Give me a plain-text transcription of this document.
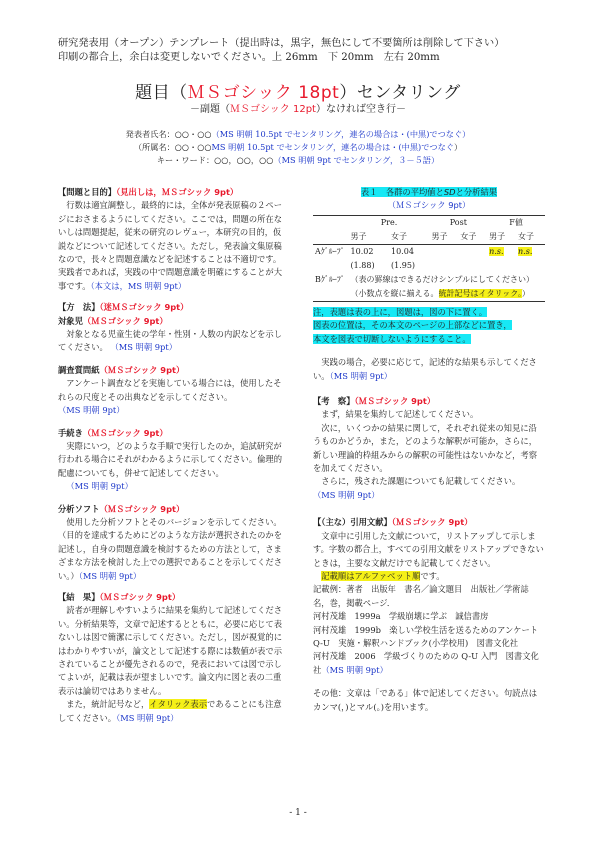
研究発表用（オープン）テンプレート（提出時は，黒字，無色にして不要箇所は削除して下さい）
印刷の都合上，余白は変更しないでください。上 26mm　下 20mm　左右 20mm
題目（ＭＳゴシック 18pt）センタリング
－副題（ＭＳゴシック 12pt）なければ空き行－
発表者氏名：○○・○○（MS 明朝 10.5pt でセンタリング，連名の場合は・(中黒)でつなぐ）
（所属名：○○・○○MS 明朝 10.5pt でセンタリング，連名の場合は・(中黒)でつなぐ）
キー・ワード：○○，○○，○○（MS 明朝 9pt でセンタリング，３－５語）

【問題と目的】（見出しは，ＭＳゴシック 9pt）

行数は適宜調整し，最終的には，全体が発表原稿の２ページにおさまるようにしてください。ここでは，問題の所在ないしは問題提起，従来の研究のレヴュー，本研究の目的，仮説などについて記述してください。ただし，発表論文集原稿なので，長々と問題意識などを記述することは不適切です。実践者であれば，実践の中で問題意識を明確にすることが大事です。（本文は，MS 明朝 9pt）

【方　法】（迷ＭＳゴシック 9pt）

対象児（ＭＳゴシック 9pt）

対象となる児童生徒の学年・性別・人数の内訳などを示してください。 （MS 明朝 9pt）

調査質問紙（ＭＳゴシック 9pt）

アンケート調査などを実施している場合には，使用したそれらの尺度とその出典などを示してください。

（MS 明朝 9pt）

手続き（ＭＳゴシック 9pt）

実際にいつ，どのような手順で実行したのか，追試研究が行われる場合にそれがわかるように示してください。倫理的配慮についても，併せて記述してください。

（MS 明朝 9pt）

分析ソフト（ＭＳゴシック 9pt）

使用した分析ソフトとそのバージョンを示してください。（目的を達成するためにどのような方法が選択されたのかを記述し，自身の問題意識を検討するための方法として，さまざまな方法を検討した上での選択であることを示してください。）（MS 明朝 9pt）

【結　果】（ＭＳゴシック 9pt）

読者が理解しやすいように結果を集約して記述してください。分析結果等，文章で記述するとともに，必要に応じて表ないしは図で簡潔に示してください。ただし，図が視覚的にはわかりやすいが，論文として記述する際には数値が表で示されていることが優先されるので，発表においては図で示してよいが，記載は表が望ましいです。論文内に図と表の二重表示は論切ではありません。

また，統計記号など，イタリック表示であることにも注意してください。（MS 明朝 9pt）

表１　各群の平均値とSDと分析結果
（ＭＳゴシック 9pt）
	Pre.		Post		F値	
	男子	女子	男子	女子	男子	女子
Aｸﾞﾙｰﾌﾟ	10.02	10.04			n.s.	n.s.
	(1.88)	(1.95)				
Bｸﾞﾙｰﾌﾟ	（表の罫線はできるだけシンプルにしてください）					
	（小数点を縦に揃える。統計記号はイタリック。）					

注，表題は表の上に，図題は，図の下に置く。

図表の位置は，その本文のページの上部などに置き，

本文を図表で切断しないようにすること。

実践の場合，必要に応じて，記述的な結果も示してください。（MS 明朝 9pt）

【考　察】（ＭＳゴシック 9pt）

まず，結果を集約して記述してください。

次に，いくつかの結果に関して，それぞれ従来の知見に沿うものかどうか，また，どのような解釈が可能か，さらに，新しい理論的枠組みからの解釈の可能性はないかなど，考察を加えてください。

さらに，残された課題についても記載してください。

（MS 明朝 9pt）

【（主な）引用文献】（ＭＳゴシック 9pt）

文章中に引用した文献について，リストアップして示します。字数の都合上，すべての引用文献をリストアップできないときは，主要な文献だけでも記載してください。

記載順はアルファベット順です。

記載例：著者　出版年　書名／論文題目　出版社／学術誌名，巻，掲載ページ．

河村茂雄　1999a　学級崩壊に学ぶ　誠信書房

河村茂雄　1999b　楽しい学校生活を送るためのアンケート Q-U　実施・解釈ハンドブック(小学校用)　図書文化社

河村茂雄　2006　学級づくりのための Q-U 入門　図書文化社（MS 明朝 9pt）

その他：文章は「である」体で記述してください。句読点はカンマ(，)とマル(。)を用います。

- 1 -
